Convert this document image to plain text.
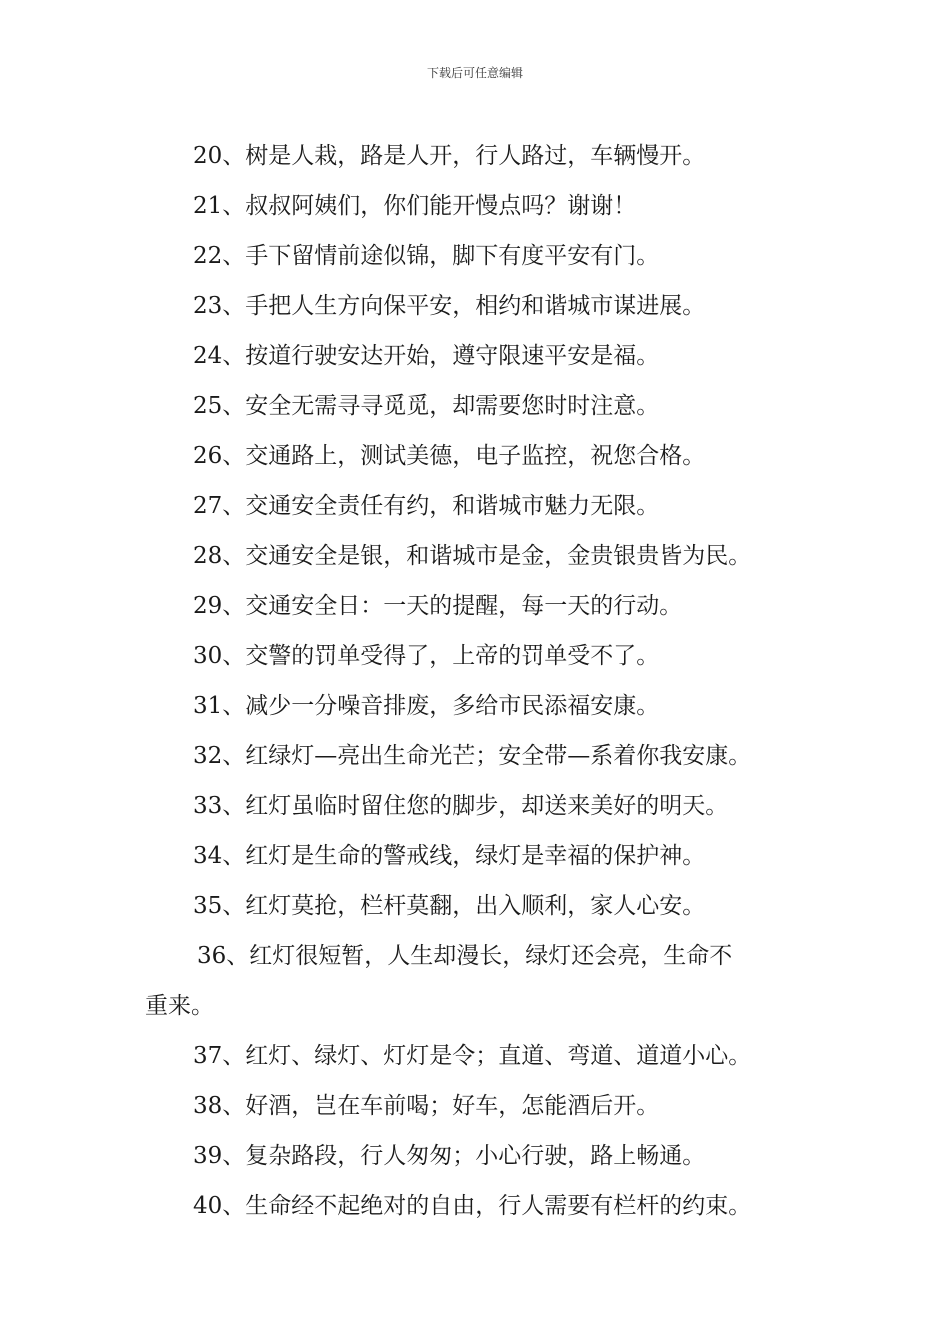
下载后可任意编辑
20、树是人栽，路是人开，行人路过，车辆慢开。
21、叔叔阿姨们，你们能开慢点吗？谢谢！
22、手下留情前途似锦，脚下有度平安有门。
23、手把人生方向保平安，相约和谐城市谋进展。
24、按道行驶安达开始，遵守限速平安是福。
25、安全无需寻寻觅觅，却需要您时时注意。
26、交通路上，测试美德，电子监控，祝您合格。
27、交通安全责任有约，和谐城市魅力无限。
28、交通安全是银，和谐城市是金，金贵银贵皆为民。
29、交通安全日：一天的提醒，每一天的行动。
30、交警的罚单受得了，上帝的罚单受不了。
31、减少一分噪音排废，多给市民添福安康。
32、红绿灯—亮出生命光芒；安全带—系着你我安康。
33、红灯虽临时留住您的脚步，却送来美好的明天。
34、红灯是生命的警戒线，绿灯是幸福的保护神。
35、红灯莫抢，栏杆莫翻，出入顺利，家人心安。
36、红灯很短暂，人生却漫长，绿灯还会亮，生命不
重来。
37、红灯、绿灯、灯灯是令；直道、弯道、道道小心。
38、好酒，岂在车前喝；好车，怎能酒后开。
39、复杂路段，行人匆匆；小心行驶，路上畅通。
40、生命经不起绝对的自由，行人需要有栏杆的约束。
